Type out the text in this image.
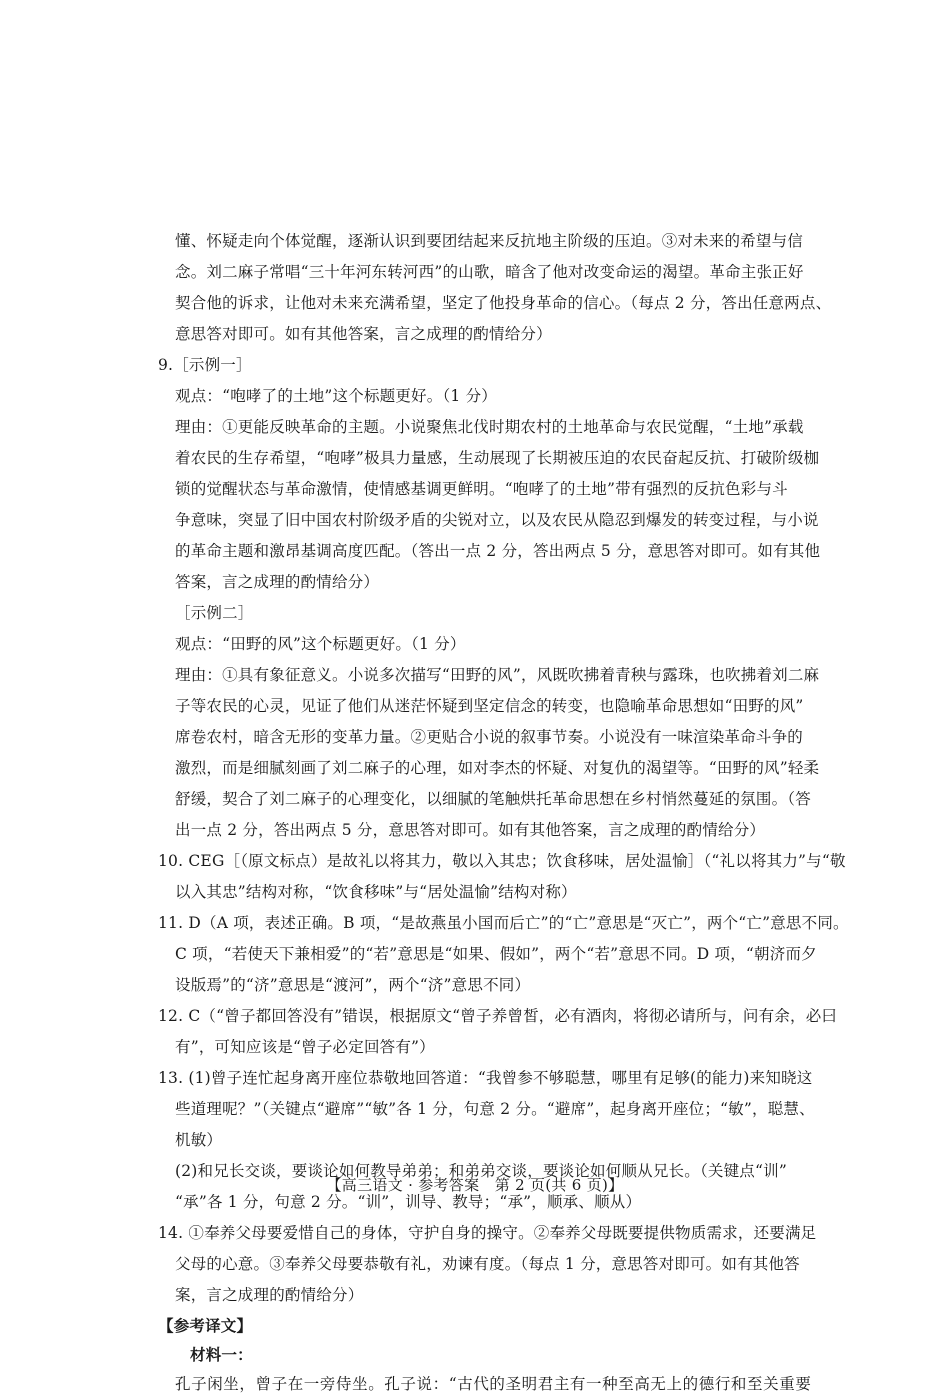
懂、怀疑走向个体觉醒，逐渐认识到要团结起来反抗地主阶级的压迫。③对未来的希望与信
念。刘二麻子常唱“三十年河东转河西”的山歌，暗含了他对改变命运的渴望。革命主张正好
契合他的诉求，让他对未来充满希望，坚定了他投身革命的信心。（每点 2 分，答出任意两点、
意思答对即可。如有其他答案，言之成理的酌情给分）
9.［示例一］
观点：“咆哮了的土地”这个标题更好。（1 分）
理由：①更能反映革命的主题。小说聚焦北伐时期农村的土地革命与农民觉醒，“土地”承载
着农民的生存希望，“咆哮”极具力量感，生动展现了长期被压迫的农民奋起反抗、打破阶级枷
锁的觉醒状态与革命激情，使情感基调更鲜明。“咆哮了的土地”带有强烈的反抗色彩与斗
争意味，突显了旧中国农村阶级矛盾的尖锐对立，以及农民从隐忍到爆发的转变过程，与小说
的革命主题和激昂基调高度匹配。（答出一点 2 分，答出两点 5 分，意思答对即可。如有其他
答案，言之成理的酌情给分）
［示例二］
观点：“田野的风”这个标题更好。（1 分）
理由：①具有象征意义。小说多次描写“田野的风”，风既吹拂着青秧与露珠，也吹拂着刘二麻
子等农民的心灵，见证了他们从迷茫怀疑到坚定信念的转变，也隐喻革命思想如“田野的风”
席卷农村，暗含无形的变革力量。②更贴合小说的叙事节奏。小说没有一味渲染革命斗争的
激烈，而是细腻刻画了刘二麻子的心理，如对李杰的怀疑、对复仇的渴望等。“田野的风”轻柔
舒缓，契合了刘二麻子的心理变化，以细腻的笔触烘托革命思想在乡村悄然蔓延的氛围。（答
出一点 2 分，答出两点 5 分，意思答对即可。如有其他答案，言之成理的酌情给分）
10. CEG［（原文标点）是故礼以将其力，敬以入其忠；饮食移味，居处温愉］（“礼以将其力”与“敬
以入其忠”结构对称，“饮食移味”与“居处温愉”结构对称）
11. D（A 项，表述正确。B 项，“是故燕虽小国而后亡”的“亡”意思是“灭亡”，两个“亡”意思不同。
C 项，“若使天下兼相爱”的“若”意思是“如果、假如”，两个“若”意思不同。D 项，“朝济而夕
设版焉”的“济”意思是“渡河”，两个“济”意思不同）
12. C（“曾子都回答没有”错误，根据原文“曾子养曾皙，必有酒肉，将彻必请所与，问有余，必曰
有”，可知应该是“曾子必定回答有”）
13. (1)曾子连忙起身离开座位恭敬地回答道：“我曾参不够聪慧，哪里有足够(的能力)来知晓这
些道理呢？”（关键点“避席”“敏”各 1 分，句意 2 分。“避席”，起身离开座位；“敏”，聪慧、
机敏）
(2)和兄长交谈，要谈论如何教导弟弟；和弟弟交谈，要谈论如何顺从兄长。（关键点“训”
“承”各 1 分，句意 2 分。“训”，训导、教导；“承”，顺承、顺从）
14. ①奉养父母要爱惜自己的身体，守护自身的操守。②奉养父母既要提供物质需求，还要满足
父母的心意。③奉养父母要恭敬有礼，劝谏有度。（每点 1 分，意思答对即可。如有其他答
案，言之成理的酌情给分）
【参考译文】
材料一：
孔子闲坐，曾子在一旁侍坐。孔子说：“古代的圣明君主有一种至高无上的德行和至关重要
【高三语文 · 参考答案　第 2 页(共 6 页)】
